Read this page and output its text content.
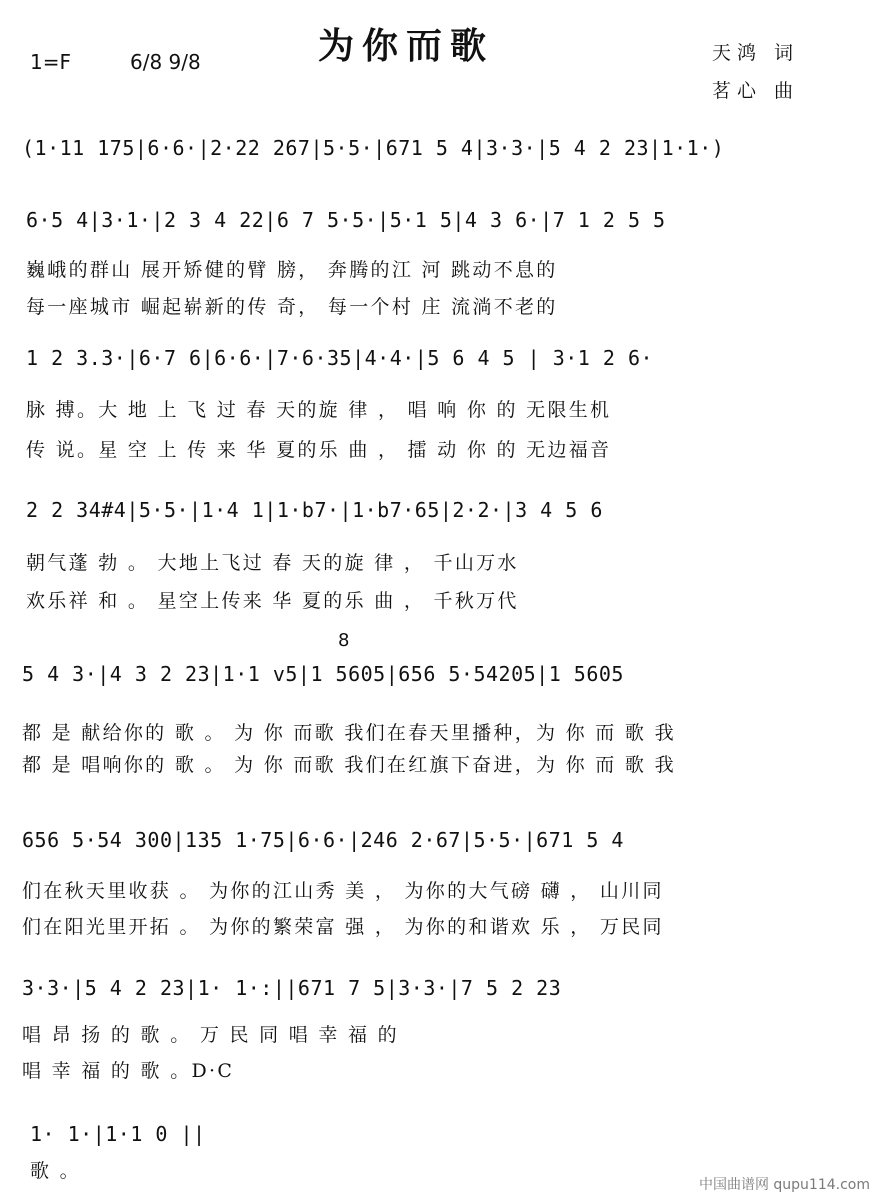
为你而歌
1=F	6/8 9/8	天鸿 词
茗心 曲
(1·11 175|6·6·|2·22 267|5·5·|671 5 4|3·3·|5 4 2 23|1·1·)
6·5 4|3·1·|2 3 4 22|6 7 5·5·|5·1 5|4 3 6·|7 1 2 5 5
巍峨的群山 展开矫健的臂 膀， 奔腾的江 河 跳动不息的
每一座城市 崛起崭新的传 奇， 每一个村 庄 流淌不老的
1 2 3.3·|6·7 6|6·6·|7·6·35|4·4·|5 6 4 5 | 3·1 2 6·
脉 搏。大 地 上 飞 过 春 天的旋 律 ， 唱 响 你 的 无限生机
传 说。星 空 上 传 来 华 夏的乐 曲 ， 擂 动 你 的 无边福音
2 2 34#4|5·5·|1·4 1|1·b7·|1·b7·65|2·2·|3 4 5 6
朝气蓬 勃 。 大地上飞过 春 天的旋 律 ， 千山万水
欢乐祥 和 。 星空上传来 华 夏的乐 曲 ， 千秋万代
8
5 4 3·|4 3 2 23|1·1 v5|1 5605|656 5·54205|1 5605
都 是 献给你的 歌 。 为 你 而歌 我们在春天里播种，为 你 而 歌 我
都 是 唱响你的 歌 。 为 你 而歌 我们在红旗下奋进，为 你 而 歌 我
656 5·54 300|135 1·75|6·6·|246 2·67|5·5·|671 5 4
们在秋天里收获 。 为你的江山秀 美 ， 为你的大气磅 礴 ， 山川同
们在阳光里开拓 。 为你的繁荣富 强 ， 为你的和谐欢 乐 ， 万民同
3·3·|5 4 2 23|1· 1·:||671 7 5|3·3·|7 5 2 23
唱 昂 扬 的 歌 。 万 民 同 唱 幸 福 的
唱 幸 福 的 歌 。D·C
1· 1·|1·1 0 ||
歌 。
中国曲谱网 qupu114.com
